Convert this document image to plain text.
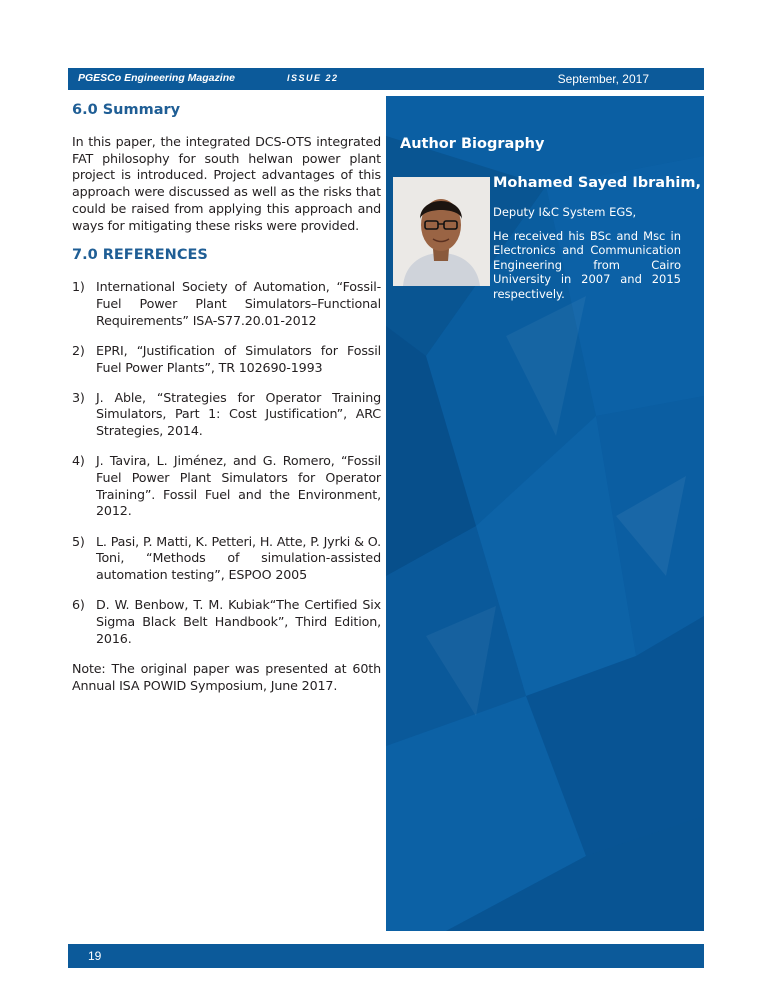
PGESCo Engineering Magazine	ISSUE 22	September, 2017
6.0 Summary

In this paper, the integrated DCS-OTS integrated FAT philosophy for south helwan power plant project is introduced. Project advantages of this approach were discussed as well as the risks that could be raised from applying this approach and ways for mitigating these risks were provided.

7.0 REFERENCES
1) International Society of Automation, “Fossil-Fuel Power Plant Simulators–Functional Requirements” ISA-S77.20.01-2012
2) EPRI, “Justification of Simulators for Fossil Fuel Power Plants”, TR 102690-1993
3) J. Able, “Strategies for Operator Training Simulators, Part 1: Cost Justification”, ARC Strategies, 2014.
4) J. Tavira, L. Jiménez, and G. Romero, “Fossil Fuel Power Plant Simulators for Operator Training”. Fossil Fuel and the Environment, 2012.
5) L. Pasi, P. Matti, K. Petteri, H. Atte, P. Jyrki & O. Toni, “Methods of simulation-assisted automation testing”, ESPOO 2005
6) D. W. Benbow, T. M. Kubiak“The Certified Six Sigma Black Belt Handbook”, Third Edition, 2016.

Note: The original paper was presented at 60th Annual ISA POWID Symposium, June 2017.

Author Biography
Mohamed Sayed Ibrahim,
Deputy I&C System EGS,

He received his BSc and Msc in Electronics and Communication Engineering from Cairo University in 2007 and 2015 respectively.

19
